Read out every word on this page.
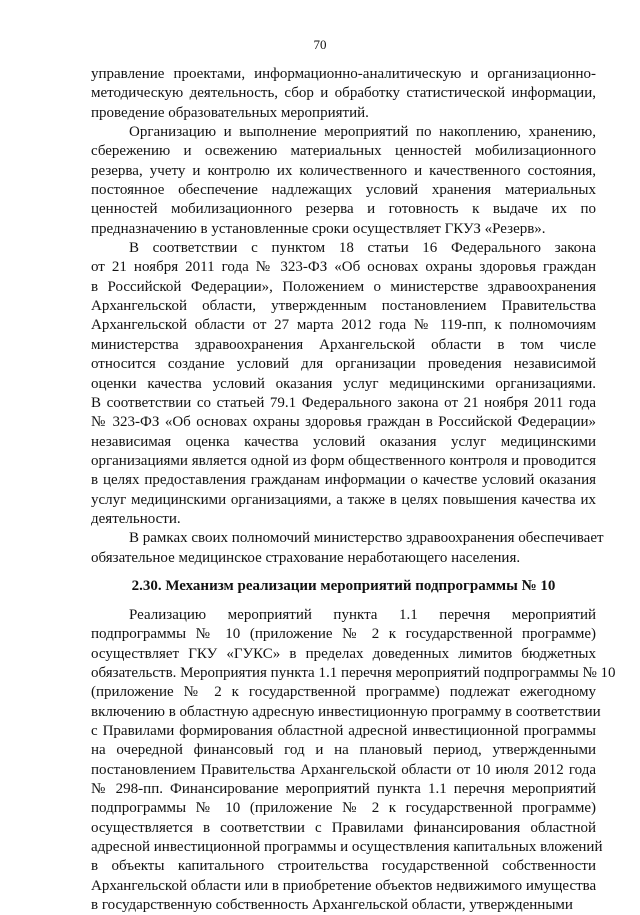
70
управление проектами, информационно-аналитическую и организационно-
методическую деятельность, сбор и обработку статистической информации,
проведение образовательных мероприятий.
Организацию и выполнение мероприятий по накоплению, хранению,
сбережению и освежению материальных ценностей мобилизационного
резерва, учету и контролю их количественного и качественного состояния,
постоянное обеспечение надлежащих условий хранения материальных
ценностей мобилизационного резерва и готовность к выдаче их по
предназначению в установленные сроки осуществляет ГКУЗ «Резерв».
В соответствии с пунктом 18 статьи 16 Федерального закона
от 21 ноября 2011 года № 323-ФЗ «Об основах охраны здоровья граждан
в Российской Федерации», Положением о министерстве здравоохранения
Архангельской области, утвержденным постановлением Правительства
Архангельской области от 27 марта 2012 года № 119-пп, к полномочиям
министерства здравоохранения Архангельской области в том числе
относится создание условий для организации проведения независимой
оценки качества условий оказания услуг медицинскими организациями.
В соответствии со статьей 79.1 Федерального закона от 21 ноября 2011 года
№ 323-ФЗ «Об основах охраны здоровья граждан в Российской Федерации»
независимая оценка качества условий оказания услуг медицинскими
организациями является одной из форм общественного контроля и проводится
в целях предоставления гражданам информации о качестве условий оказания
услуг медицинскими организациями, а также в целях повышения качества их
деятельности.
В рамках своих полномочий министерство здравоохранения обеспечивает
обязательное медицинское страхование неработающего населения.
2.30. Механизм реализации мероприятий подпрограммы № 10
Реализацию мероприятий пункта 1.1 перечня мероприятий
подпрограммы № 10 (приложение № 2 к государственной программе)
осуществляет ГКУ «ГУКС» в пределах доведенных лимитов бюджетных
обязательств. Мероприятия пункта 1.1 перечня мероприятий подпрограммы № 10
(приложение № 2 к государственной программе) подлежат ежегодному
включению в областную адресную инвестиционную программу в соответствии
с Правилами формирования областной адресной инвестиционной программы
на очередной финансовый год и на плановый период, утвержденными
постановлением Правительства Архангельской области от 10 июля 2012 года
№ 298-пп. Финансирование мероприятий пункта 1.1 перечня мероприятий
подпрограммы № 10 (приложение № 2 к государственной программе)
осуществляется в соответствии с Правилами финансирования областной
адресной инвестиционной программы и осуществления капитальных вложений
в объекты капитального строительства государственной собственности
Архангельской области или в приобретение объектов недвижимого имущества
в государственную собственность Архангельской области, утвержденными
